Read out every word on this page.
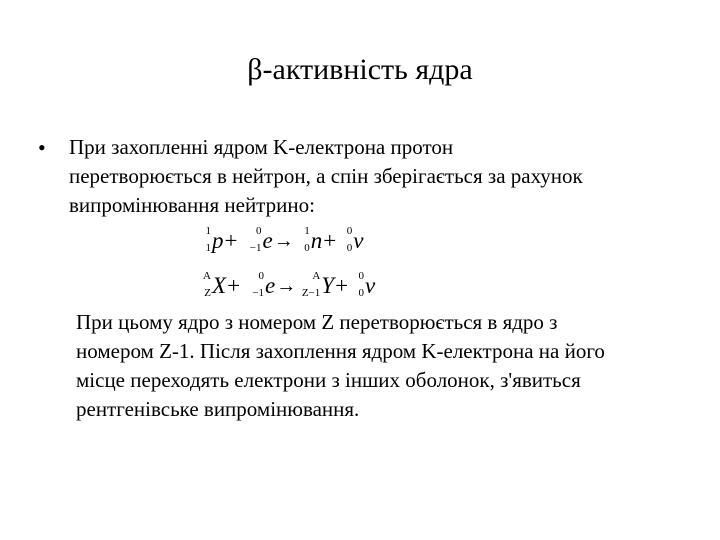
β-активність ядра
• При захопленні ядром K-електрона протон
перетворюється в нейтрон, а спін зберігається за рахунок
випромінювання нейтрино:
1
1 p+ 0
−1 e→ 1
0 n+ 0
0 ν
A
Z X+ 0
−1 e→ A
Z−1 Y+ 0
0 ν
При цьому ядро з номером Z перетворюється в ядро з
номером Z-1. Після захоплення ядром K-електрона на його
місце переходять електрони з інших оболонок, з'явиться
рентгенівське випромінювання.
